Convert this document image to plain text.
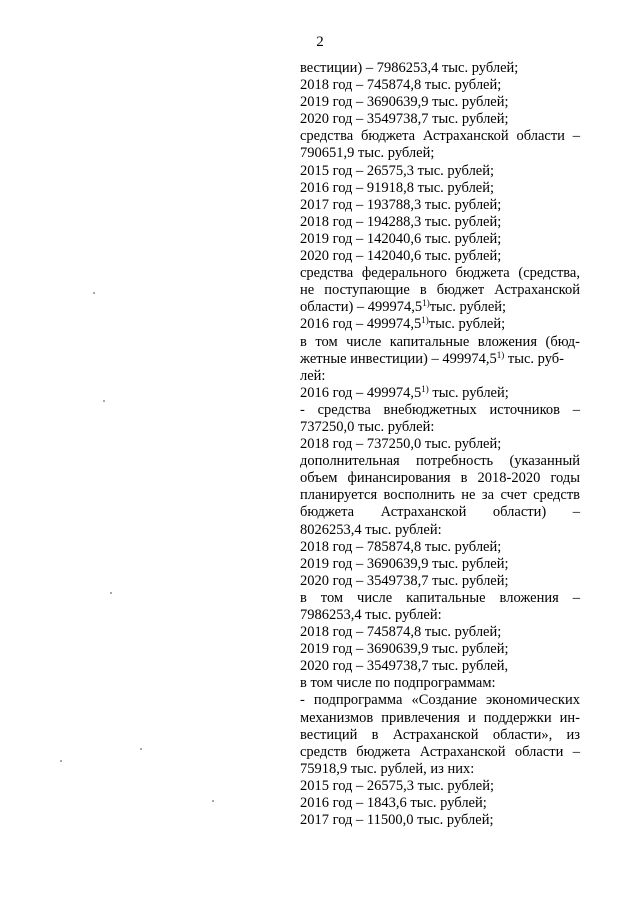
2
вестиции) – 7986253,4 тыс. рублей;
2018 год – 745874,8 тыс. рублей;
2019 год – 3690639,9 тыс. рублей;
2020 год – 3549738,7 тыс. рублей;
средства бюджета Астраханской области –
790651,9 тыс. рублей;
2015 год – 26575,3 тыс. рублей;
2016 год – 91918,8 тыс. рублей;
2017 год – 193788,3 тыс. рублей;
2018 год – 194288,3 тыс. рублей;
2019 год – 142040,6 тыс. рублей;
2020 год – 142040,6 тыс. рублей;
средства федерального бюджета (средства,
не поступающие в бюджет Астраханской
области) – 499974,5$^{1)}$тыс. рублей;
2016 год – 499974,5$^{1)}$тыс. рублей;
в том числе капитальные вложения (бюд-
жетные инвестиции) – 499974,5$^{1)}$ тыс. руб-
лей:
2016 год – 499974,5$^{1)}$ тыс. рублей;
- средства внебюджетных источников –
737250,0 тыс. рублей:
2018 год – 737250,0 тыс. рублей;
дополнительная потребность (указанный
объем финансирования в 2018-2020 годы
планируется восполнить не за счет средств
бюджета Астраханской области) –
8026253,4 тыс. рублей:
2018 год – 785874,8 тыс. рублей;
2019 год – 3690639,9 тыс. рублей;
2020 год – 3549738,7 тыс. рублей;
в том числе капитальные вложения –
7986253,4 тыс. рублей:
2018 год – 745874,8 тыс. рублей;
2019 год – 3690639,9 тыс. рублей;
2020 год – 3549738,7 тыс. рублей,
в том числе по подпрограммам:
- подпрограмма «Создание экономических
механизмов привлечения и поддержки ин-
вестиций в Астраханской области», из
средств бюджета Астраханской области –
75918,9 тыс. рублей, из них:
2015 год – 26575,3 тыс. рублей;
2016 год – 1843,6 тыс. рублей;
2017 год – 11500,0 тыс. рублей;
